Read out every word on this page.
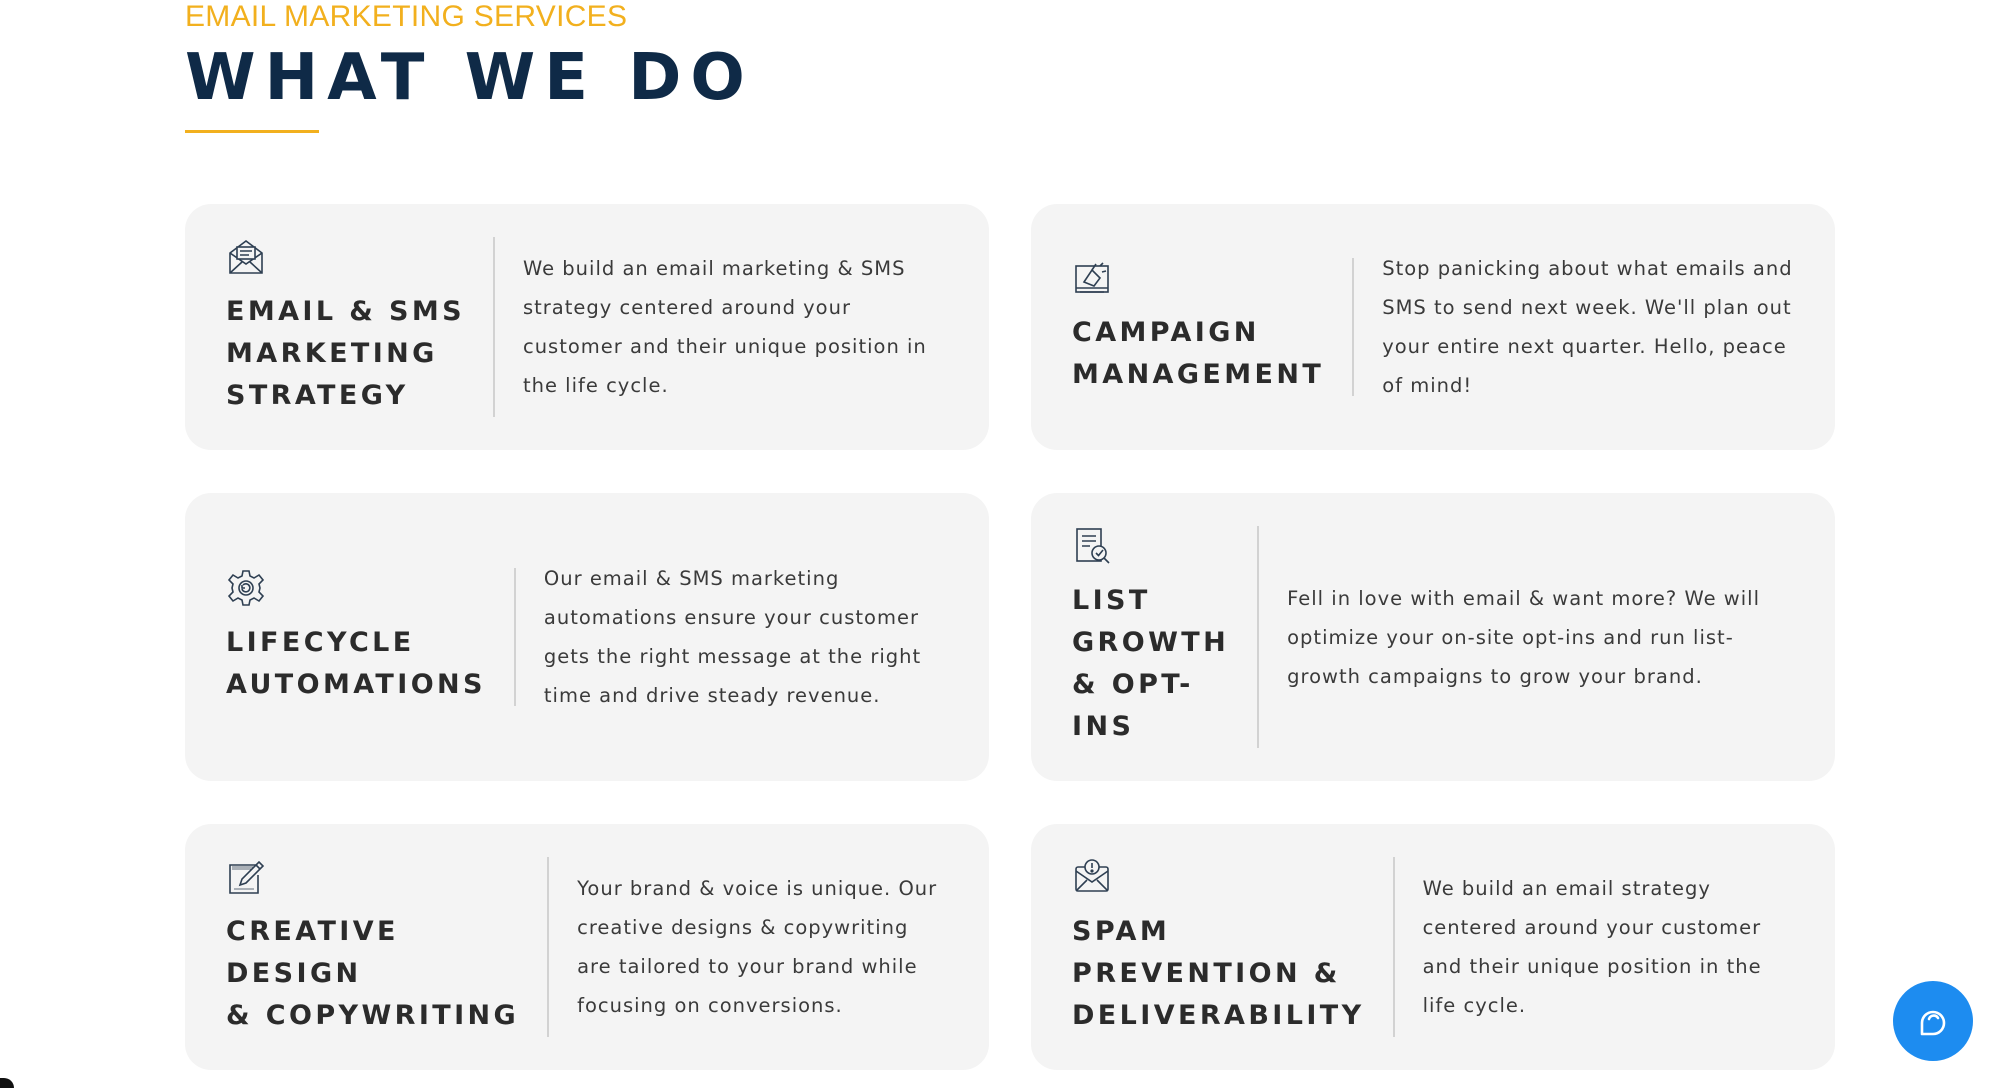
EMAIL MARKETING SERVICES
WHAT WE DO
EMAIL & SMS
MARKETING
STRATEGY

We build an email marketing & SMS strategy centered around your customer and their unique position in the life cycle.

CAMPAIGN
MANAGEMENT

Stop panicking about what emails and SMS to send next week. We'll plan out your entire next quarter. Hello, peace of mind!

LIFECYCLE
AUTOMATIONS

Our email & SMS marketing automations ensure your customer gets the right message at the right time and drive steady revenue.

LIST
GROWTH
& OPT-
INS

Fell in love with email & want more? We will optimize your on-site opt-ins and run list-growth campaigns to grow your brand.

CREATIVE
DESIGN
& COPYWRITING

Your brand & voice is unique. Our creative designs & copywriting are tailored to your brand while focusing on conversions.

SPAM
PREVENTION &
DELIVERABILITY

We build an email strategy centered around your customer and their unique position in the life cycle.
